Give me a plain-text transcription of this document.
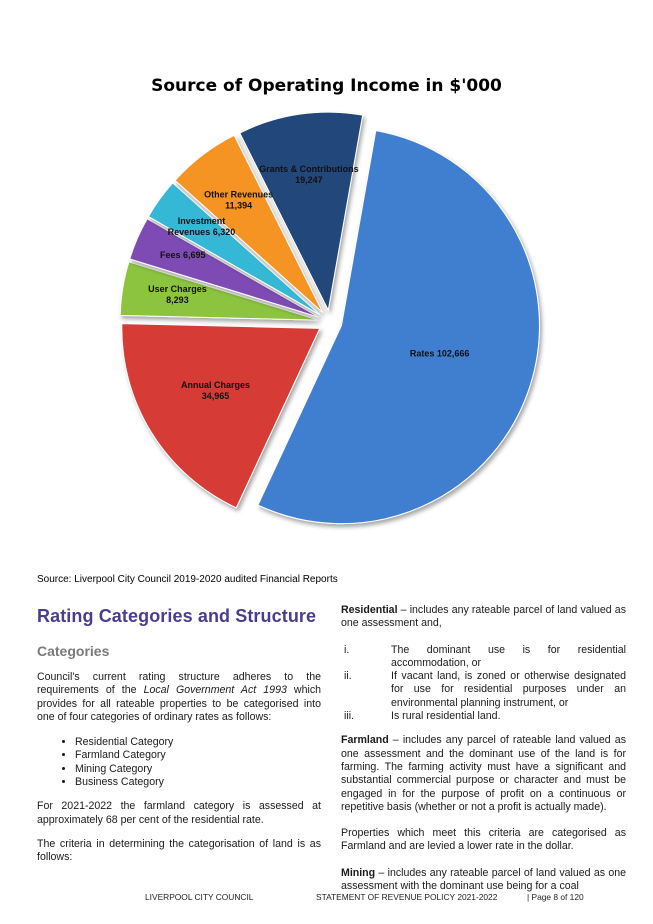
Source of Operating Income in $'000
Rates 102,666
Annual Charges 34,965
User Charges 8,293
Fees 6,695
Investment Revenues 6,320
Other Revenues 11,394
Grants & Contributions 19,247
Source: Liverpool City Council 2019-2020 audited Financial Reports
Rating Categories and Structure
Categories

Council's current rating structure adheres to the requirements of the Local Government Act 1993 which provides for all rateable properties to be categorised into one of four categories of ordinary rates as follows:

• Residential Category
• Farmland Category
• Mining Category
• Business Category

For 2021-2022 the farmland category is assessed at approximately 68 per cent of the residential rate.

The criteria in determining the categorisation of land is as follows:

Residential – includes any rateable parcel of land valued as one assessment and,

i.	The dominant use is for residential accommodation, or
ii.	If vacant land, is zoned or otherwise designated for use for residential purposes under an environmental planning instrument, or
iii.	Is rural residential land.

Farmland – includes any parcel of rateable land valued as one assessment and the dominant use of the land is for farming. The farming activity must have a significant and substantial commercial purpose or character and must be engaged in for the purpose of profit on a continuous or repetitive basis (whether or not a profit is actually made).

Properties which meet this criteria are categorised as Farmland and are levied a lower rate in the dollar.

Mining – includes any rateable parcel of land valued as one assessment with the dominant use being for a coal

LIVERPOOL CITY COUNCIL	STATEMENT OF REVENUE POLICY 2021-2022	| Page 8 of 120
